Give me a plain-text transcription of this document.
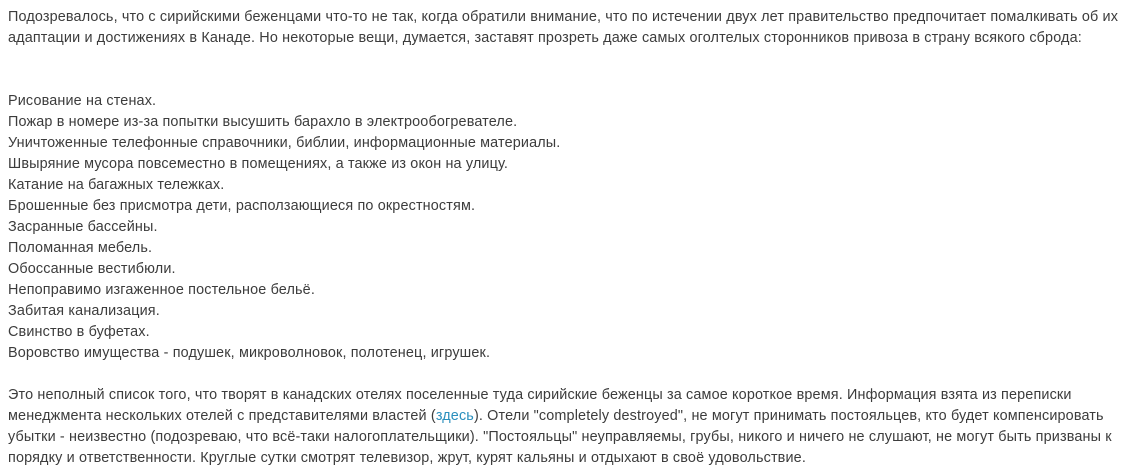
Подозревалось, что с сирийскими беженцами что-то не так, когда обратили внимание, что по истечении двух лет правительство предпочитает помалкивать об их адаптации и достижениях в Канаде. Но некоторые вещи, думается, заставят прозреть даже самых оголтелых сторонников привоза в страну всякого сброда:

Рисование на стенах.
Пожар в номере из-за попытки высушить барахло в электрообогревателе.
Уничтоженные телефонные справочники, библии, информационные материалы.
Швыряние мусора повсеместно в помещениях, а также из окон на улицу.
Катание на багажных тележках.
Брошенные без присмотра дети, расползающиеся по окрестностям.
Засранные бассейны.
Поломанная мебель.
Обоссанные вестибюли.
Непоправимо изгаженное постельное бельё.
Забитая канализация.
Свинство в буфетах.
Воровство имущества - подушек, микроволновок, полотенец, игрушек.

Это неполный список того, что творят в канадских отелях поселенные туда сирийские беженцы за самое короткое время. Информация взята из переписки менеджмента нескольких отелей с представителями властей (здесь). Отели "completely destroyed", не могут принимать постояльцев, кто будет компенсировать убытки - неизвестно (подозреваю, что всё-таки налогоплательщики). "Постояльцы" неуправляемы, грубы, никого и ничего не слушают, не могут быть призваны к порядку и ответственности. Круглые сутки смотрят телевизор, жрут, курят кальяны и отдыхают в своё удовольствие.
